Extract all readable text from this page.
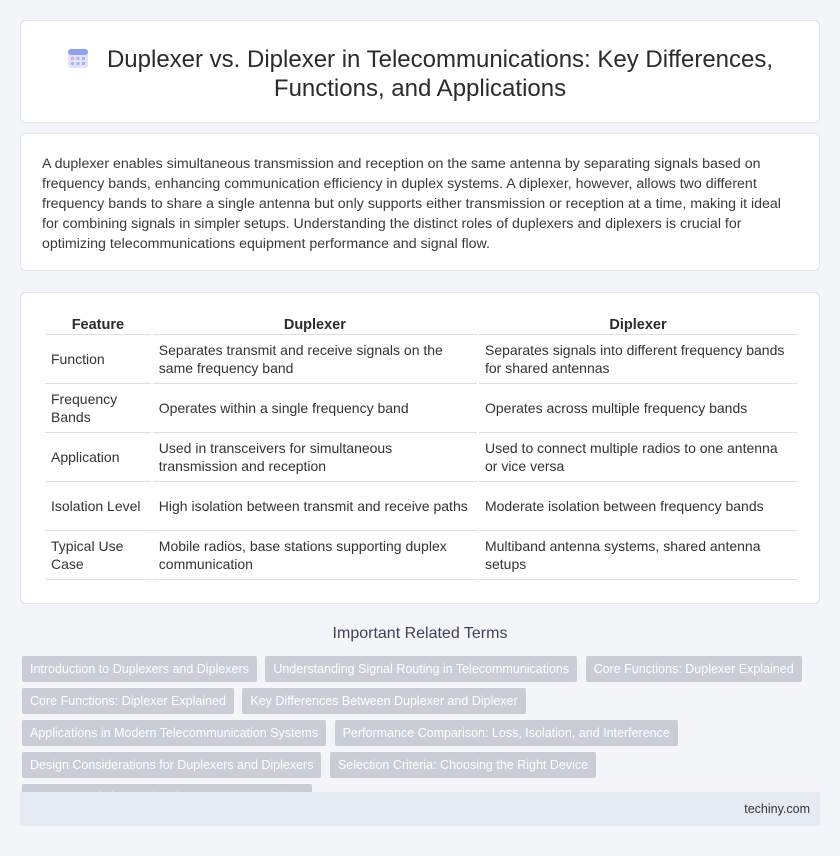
Duplexer vs. Diplexer in Telecommunications: Key Differences, Functions, and Applications

A duplexer enables simultaneous transmission and reception on the same antenna by separating signals based on frequency bands, enhancing communication efficiency in duplex systems. A diplexer, however, allows two different frequency bands to share a single antenna but only supports either transmission or reception at a time, making it ideal for combining signals in simpler setups. Understanding the distinct roles of duplexers and diplexers is crucial for optimizing telecommunications equipment performance and signal flow.

Feature	Duplexer	Diplexer
Function	Separates transmit and receive signals on the same frequency band	Separates signals into different frequency bands for shared antennas
Frequency Bands	Operates within a single frequency band	Operates across multiple frequency bands
Application	Used in transceivers for simultaneous transmission and reception	Used to connect multiple radios to one antenna or vice versa
Isolation Level	High isolation between transmit and receive paths	Moderate isolation between frequency bands
Typical Use Case	Mobile radios, base stations supporting duplex communication	Multiband antenna systems, shared antenna setups
Important Related Terms
Introduction to Duplexers and Diplexers Understanding Signal Routing in Telecommunications Core Functions: Duplexer Explained Core Functions: Diplexer Explained Key Differences Between Duplexer and Diplexer Applications in Modern Telecommunication Systems Performance Comparison: Loss, Isolation, and Interference Design Considerations for Duplexers and Diplexers Selection Criteria: Choosing the Right Device
techiny.com
